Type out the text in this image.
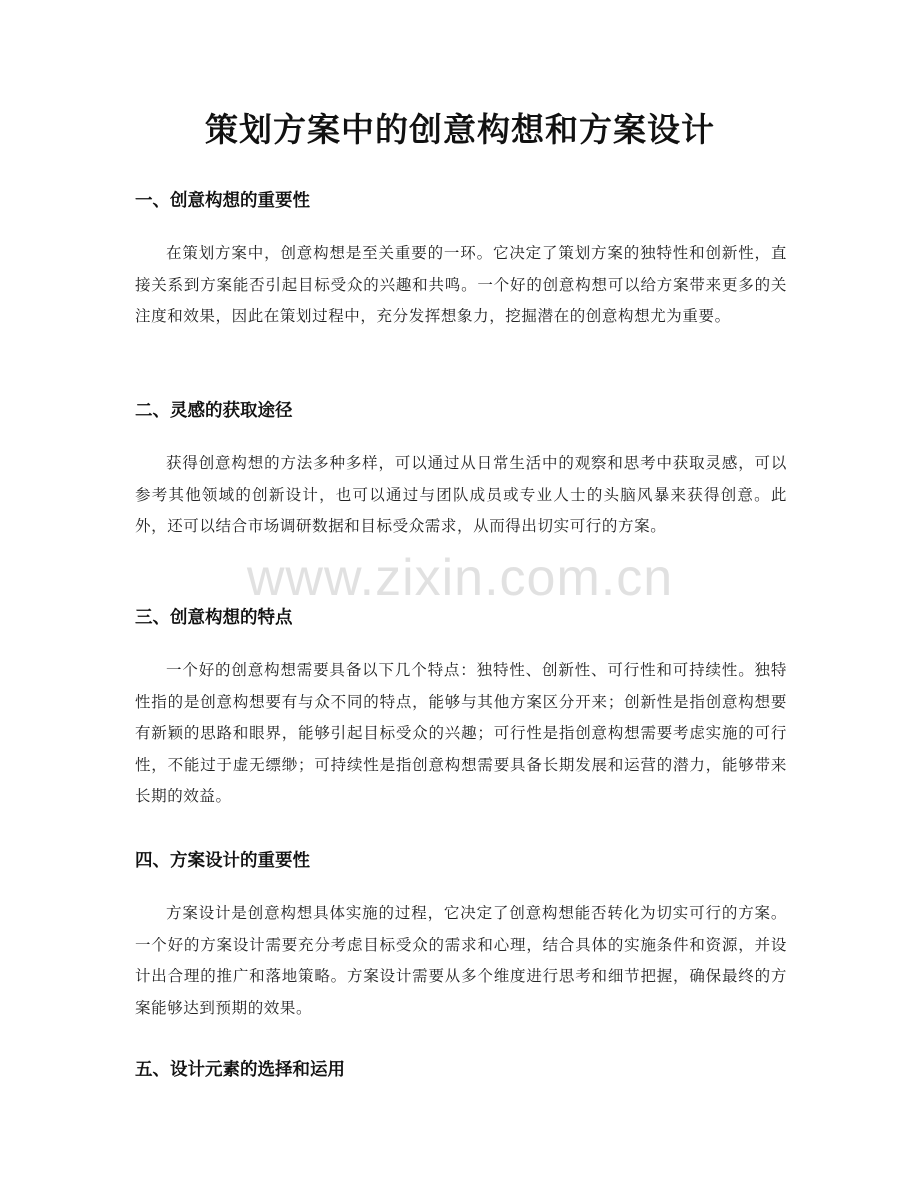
策划方案中的创意构想和方案设计

一、创意构想的重要性

在策划方案中，创意构想是至关重要的一环。它决定了策划方案的独特性和创新性，直接关系到方案能否引起目标受众的兴趣和共鸣。一个好的创意构想可以给方案带来更多的关注度和效果，因此在策划过程中，充分发挥想象力，挖掘潜在的创意构想尤为重要。

二、灵感的获取途径

获得创意构想的方法多种多样，可以通过从日常生活中的观察和思考中获取灵感，可以参考其他领域的创新设计，也可以通过与团队成员或专业人士的头脑风暴来获得创意。此外，还可以结合市场调研数据和目标受众需求，从而得出切实可行的方案。

三、创意构想的特点

一个好的创意构想需要具备以下几个特点：独特性、创新性、可行性和可持续性。独特性指的是创意构想要有与众不同的特点，能够与其他方案区分开来；创新性是指创意构想要有新颖的思路和眼界，能够引起目标受众的兴趣；可行性是指创意构想需要考虑实施的可行性，不能过于虚无缥缈；可持续性是指创意构想需要具备长期发展和运营的潜力，能够带来长期的效益。

四、方案设计的重要性

方案设计是创意构想具体实施的过程，它决定了创意构想能否转化为切实可行的方案。一个好的方案设计需要充分考虑目标受众的需求和心理，结合具体的实施条件和资源，并设计出合理的推广和落地策略。方案设计需要从多个维度进行思考和细节把握，确保最终的方案能够达到预期的效果。

五、设计元素的选择和运用

www.zixin.com.cn
